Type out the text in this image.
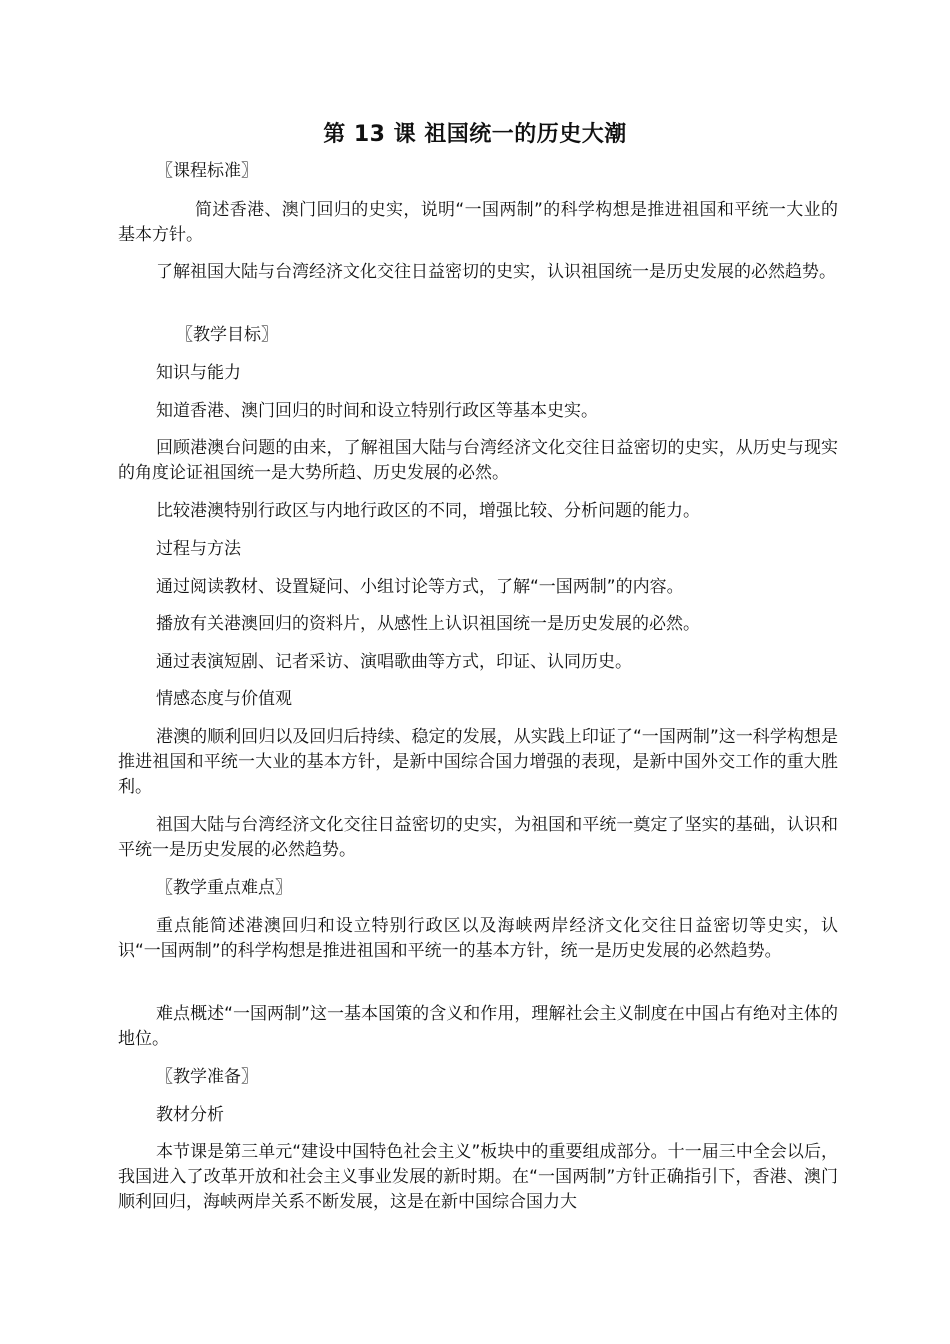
第 13 课 祖国统一的历史大潮

〖课程标准〗

简述香港、澳门回归的史实，说明“一国两制”的科学构想是推进祖国和平统一大业的基本方针。

了解祖国大陆与台湾经济文化交往日益密切的史实，认识祖国统一是历史发展的必然趋势。

〖教学目标〗

知识与能力

知道香港、澳门回归的时间和设立特别行政区等基本史实。

回顾港澳台问题的由来，了解祖国大陆与台湾经济文化交往日益密切的史实，从历史与现实的角度论证祖国统一是大势所趋、历史发展的必然。

比较港澳特别行政区与内地行政区的不同，增强比较、分析问题的能力。

过程与方法

通过阅读教材、设置疑问、小组讨论等方式，了解“一国两制”的内容。

播放有关港澳回归的资料片，从感性上认识祖国统一是历史发展的必然。

通过表演短剧、记者采访、演唱歌曲等方式，印证、认同历史。

情感态度与价值观

港澳的顺利回归以及回归后持续、稳定的发展，从实践上印证了“一国两制”这一科学构想是推进祖国和平统一大业的基本方针，是新中国综合国力增强的表现，是新中国外交工作的重大胜利。

祖国大陆与台湾经济文化交往日益密切的史实，为祖国和平统一奠定了坚实的基础，认识和平统一是历史发展的必然趋势。

〖教学重点难点〗

重点能简述港澳回归和设立特别行政区以及海峡两岸经济文化交往日益密切等史实，认识“一国两制”的科学构想是推进祖国和平统一的基本方针，统一是历史发展的必然趋势。

难点概述“一国两制”这一基本国策的含义和作用，理解社会主义制度在中国占有绝对主体的地位。

〖教学准备〗

教材分析

本节课是第三单元“建设中国特色社会主义”板块中的重要组成部分。十一届三中全会以后，我国进入了改革开放和社会主义事业发展的新时期。在“一国两制”方针正确指引下，香港、澳门顺利回归，海峡两岸关系不断发展，这是在新中国综合国力大
